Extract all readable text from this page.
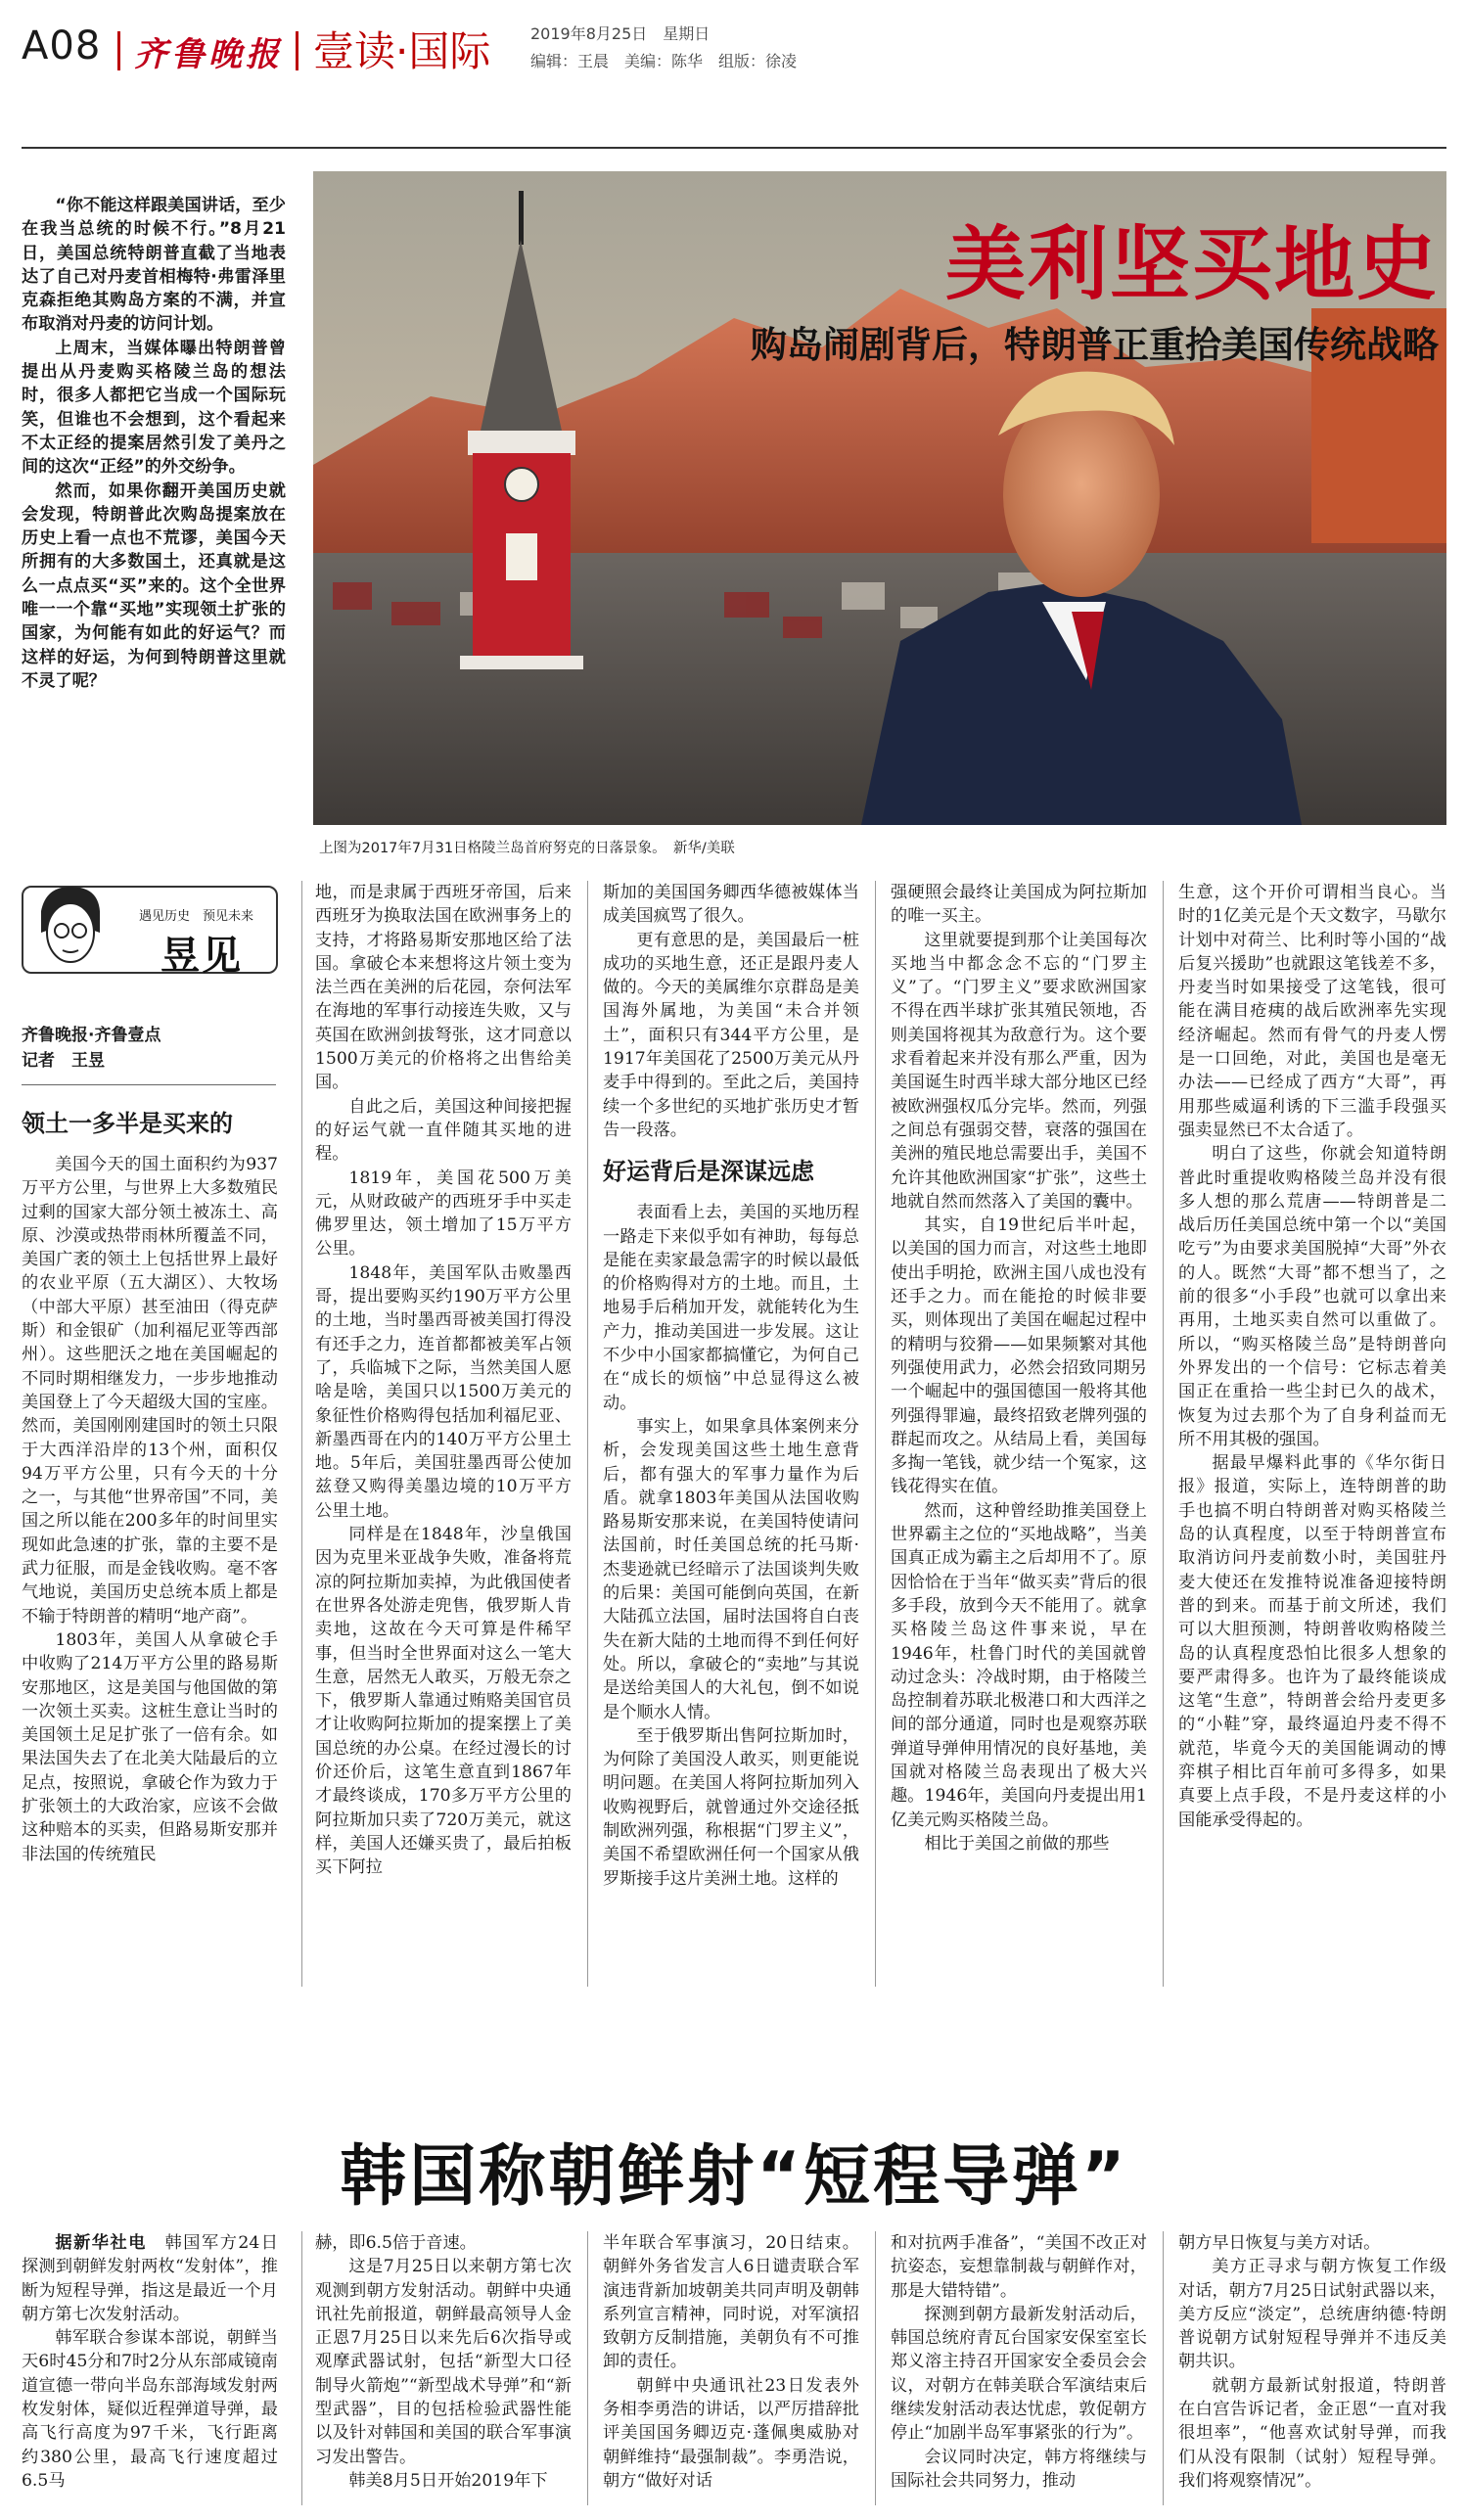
A08 齐鲁晚报 壹读·国际	2019年8月25日　星期日
编辑：王晨　美编：陈华　组版：徐凌

“你不能这样跟美国讲话，至少在我当总统的时候不行。”8月21日，美国总统特朗普直截了当地表达了自己对丹麦首相梅特·弗雷泽里克森拒绝其购岛方案的不满，并宣布取消对丹麦的访问计划。

上周末，当媒体曝出特朗普曾提出从丹麦购买格陵兰岛的想法时，很多人都把它当成一个国际玩笑，但谁也不会想到，这个看起来不太正经的提案居然引发了美丹之间的这次“正经”的外交纷争。

然而，如果你翻开美国历史就会发现，特朗普此次购岛提案放在历史上看一点也不荒谬，美国今天所拥有的大多数国土，还真就是这么一点点买“买”来的。这个全世界唯一一个靠“买地”实现领土扩张的国家，为何能有如此的好运气？而这样的好运，为何到特朗普这里就不灵了呢？

美利坚买地史
购岛闹剧背后，特朗普正重拾美国传统战略
上图为2017年7月31日格陵兰岛首府努克的日落景象。　新华/美联
遇见历史　预见未来
昱见
齐鲁晚报·齐鲁壹点
记者　王昱
领土一多半是买来的

美国今天的国土面积约为937万平方公里，与世界上大多数殖民过剩的国家大部分领土被冻土、高原、沙漠或热带雨林所覆盖不同，美国广袤的领土上包括世界上最好的农业平原（五大湖区）、大牧场（中部大平原）甚至油田（得克萨斯）和金银矿（加利福尼亚等西部州）。这些肥沃之地在美国崛起的不同时期相继发力，一步步地推动美国登上了今天超级大国的宝座。然而，美国刚刚建国时的领土只限于大西洋沿岸的13个州，面积仅94万平方公里，只有今天的十分之一，与其他“世界帝国”不同，美国之所以能在200多年的时间里实现如此急速的扩张，靠的主要不是武力征服，而是金钱收购。毫不客气地说，美国历史总统本质上都是不输于特朗普的精明“地产商”。

1803年，美国人从拿破仑手中收购了214万平方公里的路易斯安那地区，这是美国与他国做的第一次领土买卖。这桩生意让当时的美国领土足足扩张了一倍有余。如果法国失去了在北美大陆最后的立足点，按照说，拿破仑作为致力于扩张领土的大政治家，应该不会做这种赔本的买卖，但路易斯安那并非法国的传统殖民

地，而是隶属于西班牙帝国，后来西班牙为换取法国在欧洲事务上的支持，才将路易斯安那地区给了法国。拿破仑本来想将这片领土变为法兰西在美洲的后花园，奈何法军在海地的军事行动接连失败，又与英国在欧洲剑拔弩张，这才同意以1500万美元的价格将之出售给美国。

自此之后，美国这种间接把握的好运气就一直伴随其买地的进程。

1819年，美国花500万美元，从财政破产的西班牙手中买走佛罗里达，领土增加了15万平方公里。

1848年，美国军队击败墨西哥，提出要购买约190万平方公里的土地，当时墨西哥被美国打得没有还手之力，连首都都被美军占领了，兵临城下之际，当然美国人愿啥是啥，美国只以1500万美元的象征性价格购得包括加利福尼亚、新墨西哥在内的140万平方公里土地。5年后，美国驻墨西哥公使加兹登又购得美墨边境的10万平方公里土地。

同样是在1848年，沙皇俄国因为克里米亚战争失败，准备将荒凉的阿拉斯加卖掉，为此俄国使者在世界各处游走兜售，俄罗斯人肯卖地，这故在今天可算是件稀罕事，但当时全世界面对这么一笔大生意，居然无人敢买，万般无奈之下，俄罗斯人靠通过贿赂美国官员才让收购阿拉斯加的提案摆上了美国总统的办公桌。在经过漫长的讨价还价后，这笔生意直到1867年才最终谈成，170多万平方公里的阿拉斯加只卖了720万美元，就这样，美国人还嫌买贵了，最后拍板买下阿拉

斯加的美国国务卿西华德被媒体当成美国疯骂了很久。

更有意思的是，美国最后一桩成功的买地生意，还正是跟丹麦人做的。今天的美属维尔京群岛是美国海外属地，为美国“未合并领土”，面积只有344平方公里，是1917年美国花了2500万美元从丹麦手中得到的。至此之后，美国持续一个多世纪的买地扩张历史才暂告一段落。

好运背后是深谋远虑

表面看上去，美国的买地历程一路走下来似乎如有神助，每每总是能在卖家最急需字的时候以最低的价格购得对方的土地。而且，土地易手后稍加开发，就能转化为生产力，推动美国进一步发展。这让不少中小国家都搞懂它，为何自己在“成长的烦恼”中总显得这么被动。

事实上，如果拿具体案例来分析，会发现美国这些土地生意背后，都有强大的军事力量作为后盾。就拿1803年美国从法国收购路易斯安那来说，在美国特使请问法国前，时任美国总统的托马斯·杰斐逊就已经暗示了法国谈判失败的后果：美国可能倒向英国，在新大陆孤立法国，届时法国将自白丧失在新大陆的土地而得不到任何好处。所以，拿破仑的“卖地”与其说是送给美国人的大礼包，倒不如说是个顺水人情。

至于俄罗斯出售阿拉斯加时，为何除了美国没人敢买，则更能说明问题。在美国人将阿拉斯加列入收购视野后，就曾通过外交途径抵制欧洲列强，称根据“门罗主义”，美国不希望欧洲任何一个国家从俄罗斯接手这片美洲土地。这样的

强硬照会最终让美国成为阿拉斯加的唯一买主。

这里就要提到那个让美国每次买地当中都念念不忘的“门罗主义”了。“门罗主义”要求欧洲国家不得在西半球扩张其殖民领地，否则美国将视其为敌意行为。这个要求看着起来并没有那么严重，因为美国诞生时西半球大部分地区已经被欧洲强权瓜分完毕。然而，列强之间总有强弱交替，衰落的强国在美洲的殖民地总需要出手，美国不允许其他欧洲国家“扩张”，这些土地就自然而然落入了美国的囊中。

其实，自19世纪后半叶起，以美国的国力而言，对这些土地即使出手明抢，欧洲主国八成也没有还手之力。而在能抢的时候非要买，则体现出了美国在崛起过程中的精明与狡猾——如果频繁对其他列强使用武力，必然会招致同期另一个崛起中的强国德国一般将其他列强得罪遍，最终招致老牌列强的群起而攻之。从结局上看，美国每多掏一笔钱，就少结一个冤家，这钱花得实在值。

然而，这种曾经助推美国登上世界霸主之位的“买地战略”，当美国真正成为霸主之后却用不了。原因恰恰在于当年“做买卖”背后的很多手段，放到今天不能用了。就拿买格陵兰岛这件事来说，早在1946年，杜鲁门时代的美国就曾动过念头：冷战时期，由于格陵兰岛控制着苏联北极港口和大西洋之间的部分通道，同时也是观察苏联弹道导弹伸用情况的良好基地，美国就对格陵兰岛表现出了极大兴趣。1946年，美国向丹麦提出用1亿美元购买格陵兰岛。

相比于美国之前做的那些

生意，这个开价可谓相当良心。当时的1亿美元是个天文数字，马歇尔计划中对荷兰、比利时等小国的“战后复兴援助”也就跟这笔钱差不多，丹麦当时如果接受了这笔钱，很可能在满目疮痍的战后欧洲率先实现经济崛起。然而有骨气的丹麦人愣是一口回绝，对此，美国也是毫无办法——已经成了西方“大哥”，再用那些威逼利诱的下三滥手段强买强卖显然已不太合适了。

明白了这些，你就会知道特朗普此时重提收购格陵兰岛并没有很多人想的那么荒唐——特朗普是二战后历任美国总统中第一个以“美国吃亏”为由要求美国脱掉“大哥”外衣的人。既然“大哥”都不想当了，之前的很多“小手段”也就可以拿出来再用，土地买卖自然可以重做了。所以，“购买格陵兰岛”是特朗普向外界发出的一个信号：它标志着美国正在重拾一些尘封已久的战术，恢复为过去那个为了自身利益而无所不用其极的强国。

据最早爆料此事的《华尔街日报》报道，实际上，连特朗普的助手也搞不明白特朗普对购买格陵兰岛的认真程度，以至于特朗普宣布取消访问丹麦前数小时，美国驻丹麦大使还在发推特说准备迎接特朗普的到来。而基于前文所述，我们可以大胆预测，特朗普收购格陵兰岛的认真程度恐怕比很多人想象的要严肃得多。也许为了最终能谈成这笔“生意”，特朗普会给丹麦更多的“小鞋”穿，最终逼迫丹麦不得不就范，毕竟今天的美国能调动的博弈棋子相比百年前可多得多，如果真要上点手段，不是丹麦这样的小国能承受得起的。

韩国称朝鲜射“短程导弹”

据新华社电　 韩国军方24日探测到朝鲜发射两枚“发射体”，推断为短程导弹，指这是最近一个月朝方第七次发射活动。

韩军联合参谋本部说，朝鲜当天6时45分和7时2分从东部咸镜南道宣德一带向半岛东部海域发射两枚发射体，疑似近程弹道导弹，最高飞行高度为97千米，飞行距离约380公里，最高飞行速度超过6.5马

赫，即6.5倍于音速。

这是7月25日以来朝方第七次观测到朝方发射活动。朝鲜中央通讯社先前报道，朝鲜最高领导人金正恩7月25日以来先后6次指导或观摩武器试射，包括“新型大口径制导火箭炮”“新型战术导弹”和“新型武器”，目的包括检验武器性能以及针对韩国和美国的联合军事演习发出警告。

韩美8月5日开始2019年下

半年联合军事演习，20日结束。朝鲜外务省发言人6日谴责联合军演违背新加坡朝美共同声明及朝韩系列宣言精神，同时说，对军演招致朝方反制措施，美朝负有不可推卸的责任。

朝鲜中央通讯社23日发表外务相李勇浩的讲话，以严厉措辞批评美国国务卿迈克·蓬佩奥威胁对朝鲜维持“最强制裁”。李勇浩说，朝方“做好对话

和对抗两手准备”，“美国不改正对抗姿态，妄想靠制裁与朝鲜作对，那是大错特错”。

探测到朝方最新发射活动后，韩国总统府青瓦台国家安保室室长郑义溶主持召开国家安全委员会会议，对朝方在韩美联合军演结束后继续发射活动表达忧虑，敦促朝方停止“加剧半岛军事紧张的行为”。

会议同时决定，韩方将继续与国际社会共同努力，推动

朝方早日恢复与美方对话。

美方正寻求与朝方恢复工作级对话，朝方7月25日试射武器以来，美方反应“淡定”，总统唐纳德·特朗普说朝方试射短程导弹并不违反美朝共识。

就朝方最新试射报道，特朗普在白宫告诉记者，金正恩“一直对我很坦率”，“他喜欢试射导弹，而我们从没有限制（试射）短程导弹。我们将观察情况”。
